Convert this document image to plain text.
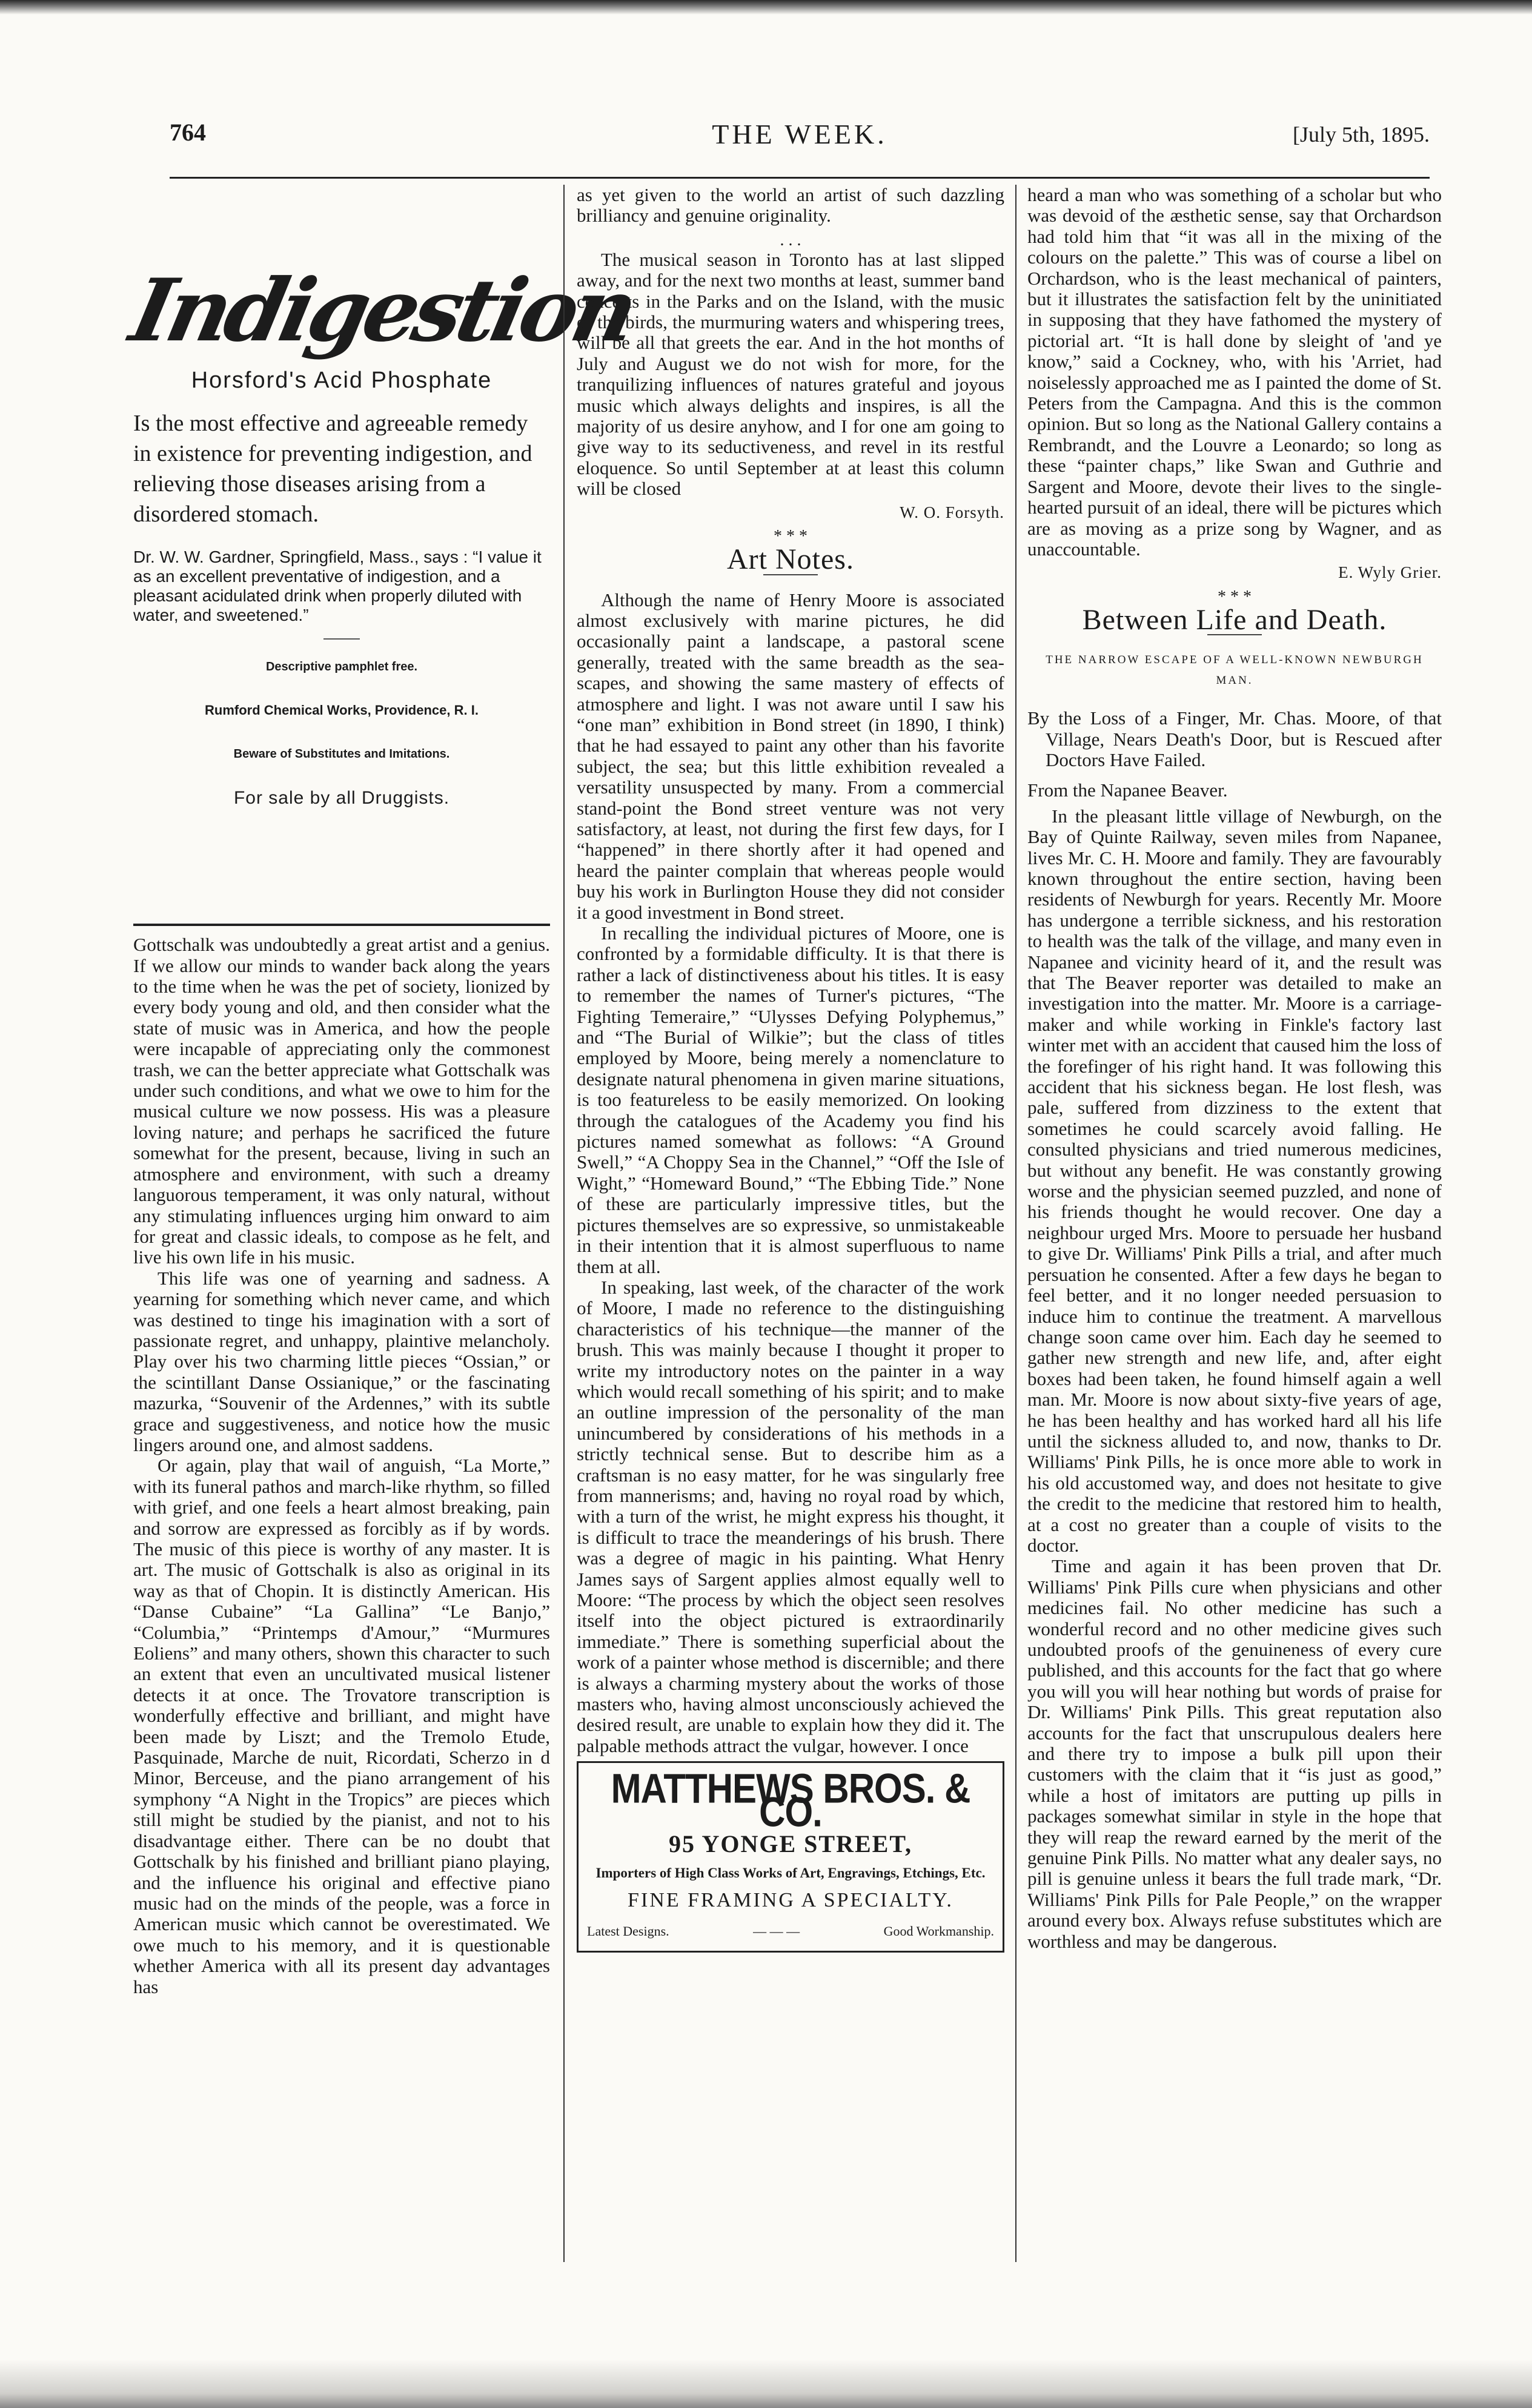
764	THE WEEK.	[July 5th, 1895.
Indigestion
Horsford's Acid Phosphate
Is the most effective and agreeable remedy in existence for preventing indigestion, and relieving those diseases arising from a disordered stomach.
Dr. W. W. Gardner, Springfield, Mass., says : “I value it as an excellent preventative of indigestion, and a pleasant acidulated drink when properly diluted with water, and sweetened.”
Descriptive pamphlet free.
Rumford Chemical Works, Providence, R. I.
Beware of Substitutes and Imitations.
For sale by all Druggists.

Gottschalk was undoubtedly a great artist and a genius. If we allow our minds to wander back along the years to the time when he was the pet of society, lionized by every body young and old, and then consider what the state of music was in America, and how the people were incapable of appreciating only the commonest trash, we can the better appreciate what Gottschalk was under such conditions, and what we owe to him for the musical culture we now possess. His was a pleasure loving nature; and perhaps he sacrificed the future somewhat for the present, because, living in such an atmosphere and environment, with such a dreamy languorous temperament, it was only natural, without any stimulating influences urging him onward to aim for great and classic ideals, to compose as he felt, and live his own life in his music.

This life was one of yearning and sadness. A yearning for something which never came, and which was destined to tinge his imagination with a sort of passionate regret, and unhappy, plaintive melancholy. Play over his two charming little pieces “Ossian,” or the scintillant Danse Ossianique,” or the fascinating mazurka, “Souvenir of the Ardennes,” with its subtle grace and suggestiveness, and notice how the music lingers around one, and almost saddens.

Or again, play that wail of anguish, “La Morte,” with its funeral pathos and march-like rhythm, so filled with grief, and one feels a heart almost breaking, pain and sorrow are expressed as forcibly as if by words. The music of this piece is worthy of any master. It is art. The music of Gottschalk is also as original in its way as that of Chopin. It is distinctly American. His “Danse Cubaine” “La Gallina” “Le Banjo,” “Columbia,” “Printemps d'Amour,” “Murmures Eoliens” and many others, shown this character to such an extent that even an uncultivated musical listener detects it at once. The Trovatore transcription is wonderfully effective and brilliant, and might have been made by Liszt; and the Tremolo Etude, Pasquinade, Marche de nuit, Ricordati, Scherzo in d Minor, Berceuse, and the piano arrangement of his symphony “A Night in the Tropics” are pieces which still might be studied by the pianist, and not to his disadvantage either. There can be no doubt that Gottschalk by his finished and brilliant piano playing, and the influence his original and effective piano music had on the minds of the people, was a force in American music which cannot be overestimated. We owe much to his memory, and it is questionable whether America with all its present day advantages has

as yet given to the world an artist of such dazzling brilliancy and genuine originality.

. . .

The musical season in Toronto has at last slipped away, and for the next two months at least, summer band concerts in the Parks and on the Island, with the music of the birds, the murmuring waters and whispering trees, will be all that greets the ear. And in the hot months of July and August we do not wish for more, for the tranquilizing influences of natures grateful and joyous music which always delights and inspires, is all the majority of us desire anyhow, and I for one am going to give way to its seductiveness, and revel in its restful eloquence. So until September at at least this column will be closed

W. O. Forsyth.
* * *
Art Notes.

Although the name of Henry Moore is associated almost exclusively with marine pictures, he did occasionally paint a landscape, a pastoral scene generally, treated with the same breadth as the sea-scapes, and showing the same mastery of effects of atmosphere and light. I was not aware until I saw his “one man” exhibition in Bond street (in 1890, I think) that he had essayed to paint any other than his favorite subject, the sea; but this little exhibition revealed a versatility unsuspected by many. From a commercial stand-point the Bond street venture was not very satisfactory, at least, not during the first few days, for I “happened” in there shortly after it had opened and heard the painter complain that whereas people would buy his work in Burlington House they did not consider it a good investment in Bond street.

In recalling the individual pictures of Moore, one is confronted by a formidable difficulty. It is that there is rather a lack of distinctiveness about his titles. It is easy to remember the names of Turner's pictures, “The Fighting Temeraire,” “Ulysses Defying Polyphemus,” and “The Burial of Wilkie”; but the class of titles employed by Moore, being merely a nomenclature to designate natural phenomena in given marine situations, is too featureless to be easily memorized. On looking through the catalogues of the Academy you find his pictures named somewhat as follows: “A Ground Swell,” “A Choppy Sea in the Channel,” “Off the Isle of Wight,” “Homeward Bound,” “The Ebbing Tide.” None of these are particularly impressive titles, but the pictures themselves are so expressive, so unmistakeable in their intention that it is almost superfluous to name them at all.

In speaking, last week, of the character of the work of Moore, I made no reference to the distinguishing characteristics of his technique—the manner of the brush. This was mainly because I thought it proper to write my introductory notes on the painter in a way which would recall something of his spirit; and to make an outline impression of the personality of the man unincumbered by considerations of his methods in a strictly technical sense. But to describe him as a craftsman is no easy matter, for he was singularly free from mannerisms; and, having no royal road by which, with a turn of the wrist, he might express his thought, it is difficult to trace the meanderings of his brush. There was a degree of magic in his painting. What Henry James says of Sargent applies almost equally well to Moore: “The process by which the object seen resolves itself into the object pictured is extraordinarily immediate.” There is something superficial about the work of a painter whose method is discernible; and there is always a charming mystery about the works of those masters who, having almost unconsciously achieved the desired result, are unable to explain how they did it. The palpable methods attract the vulgar, however. I once

MATTHEWS BROS. & CO.
95 YONGE STREET,
Importers of High Class Works of Art, Engravings, Etchings, Etc.
FINE FRAMING A SPECIALTY.
Latest Designs.	— — —	Good Workmanship.

heard a man who was something of a scholar but who was devoid of the æsthetic sense, say that Orchardson had told him that “it was all in the mixing of the colours on the palette.” This was of course a libel on Orchardson, who is the least mechanical of painters, but it illustrates the satisfaction felt by the uninitiated in supposing that they have fathomed the mystery of pictorial art. “It is hall done by sleight of 'and ye know,” said a Cockney, who, with his 'Arriet, had noiselessly approached me as I painted the dome of St. Peters from the Campagna. And this is the common opinion. But so long as the National Gallery contains a Rembrandt, and the Louvre a Leonardo; so long as these “painter chaps,” like Swan and Guthrie and Sargent and Moore, devote their lives to the single-hearted pursuit of an ideal, there will be pictures which are as moving as a prize song by Wagner, and as unaccountable.

E. Wyly Grier.
* * *
Between Life and Death.
THE NARROW ESCAPE OF A WELL-KNOWN NEWBURGH MAN.

By the Loss of a Finger, Mr. Chas. Moore, of that Village, Nears Death's Door, but is Rescued after Doctors Have Failed.

From the Napanee Beaver.

In the pleasant little village of Newburgh, on the Bay of Quinte Railway, seven miles from Napanee, lives Mr. C. H. Moore and family. They are favourably known throughout the entire section, having been residents of Newburgh for years. Recently Mr. Moore has undergone a terrible sickness, and his restoration to health was the talk of the village, and many even in Napanee and vicinity heard of it, and the result was that The Beaver reporter was detailed to make an investigation into the matter. Mr. Moore is a carriage-maker and while working in Finkle's factory last winter met with an accident that caused him the loss of the forefinger of his right hand. It was following this accident that his sickness began. He lost flesh, was pale, suffered from dizziness to the extent that sometimes he could scarcely avoid falling. He consulted physicians and tried numerous medicines, but without any benefit. He was constantly growing worse and the physician seemed puzzled, and none of his friends thought he would recover. One day a neighbour urged Mrs. Moore to persuade her husband to give Dr. Williams' Pink Pills a trial, and after much persuation he consented. After a few days he began to feel better, and it no longer needed persuasion to induce him to continue the treatment. A marvellous change soon came over him. Each day he seemed to gather new strength and new life, and, after eight boxes had been taken, he found himself again a well man. Mr. Moore is now about sixty-five years of age, he has been healthy and has worked hard all his life until the sickness alluded to, and now, thanks to Dr. Williams' Pink Pills, he is once more able to work in his old accustomed way, and does not hesitate to give the credit to the medicine that restored him to health, at a cost no greater than a couple of visits to the doctor.

Time and again it has been proven that Dr. Williams' Pink Pills cure when physicians and other medicines fail. No other medicine has such a wonderful record and no other medicine gives such undoubted proofs of the genuineness of every cure published, and this accounts for the fact that go where you will you will hear nothing but words of praise for Dr. Williams' Pink Pills. This great reputation also accounts for the fact that unscrupulous dealers here and there try to impose a bulk pill upon their customers with the claim that it “is just as good,” while a host of imitators are putting up pills in packages somewhat similar in style in the hope that they will reap the reward earned by the merit of the genuine Pink Pills. No matter what any dealer says, no pill is genuine unless it bears the full trade mark, “Dr. Williams' Pink Pills for Pale People,” on the wrapper around every box. Always refuse substitutes which are worthless and may be dangerous.
